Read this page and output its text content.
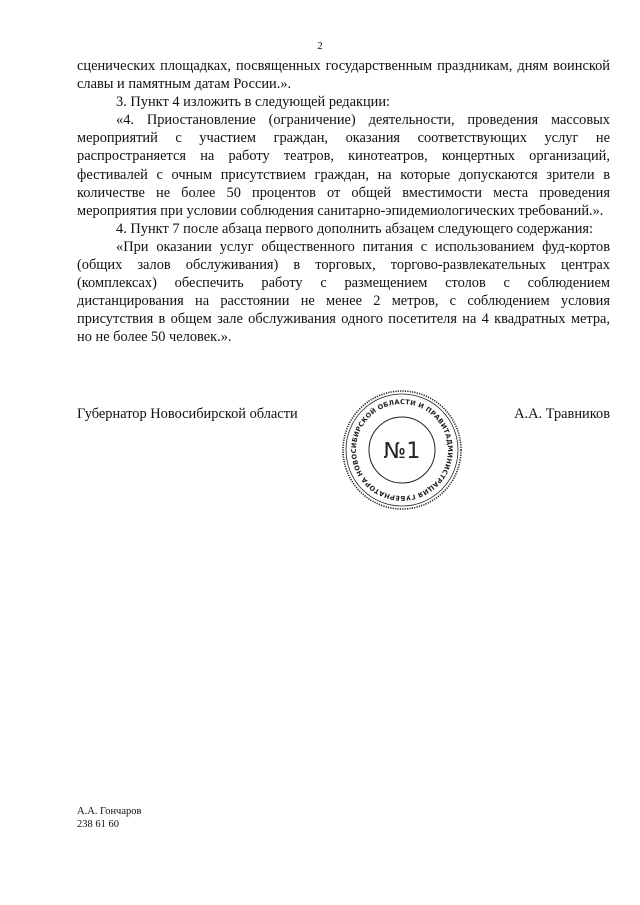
2

сценических площадках, посвященных государственным праздникам, дням воинской славы и памятным датам России.».

3. Пункт 4 изложить в следующей редакции:

«4. Приостановление (ограничение) деятельности, проведения массовых мероприятий с участием граждан, оказания соответствующих услуг не распространяется на работу театров, кинотеатров, концертных организаций, фестивалей с очным присутствием граждан, на которые допускаются зрители в количестве не более 50 процентов от общей вместимости места проведения мероприятия при условии соблюдения санитарно-эпидемиологических требований.».

4. Пункт 7 после абзаца первого дополнить абзацем следующего содержания:

«При оказании услуг общественного питания с использованием фуд-кортов (общих залов обслуживания) в торговых, торгово-развлекательных центрах (комплексах) обеспечить работу с размещением столов с соблюдением дистанцирования на расстоянии не менее 2 метров, с соблюдением условия присутствия в общем зале обслуживания одного посетителя на 4 квадратных метра, но не более 50 человек.».

Губернатор Новосибирской области	А.А. Травников
АДМИНИСТРАЦИЯ ГУБЕРНАТОРА НОВОСИБИРСКОЙ ОБЛАСТИ И ПРАВИТЕЛЬСТВА
№1
А.А. Гончаров
238 61 60
